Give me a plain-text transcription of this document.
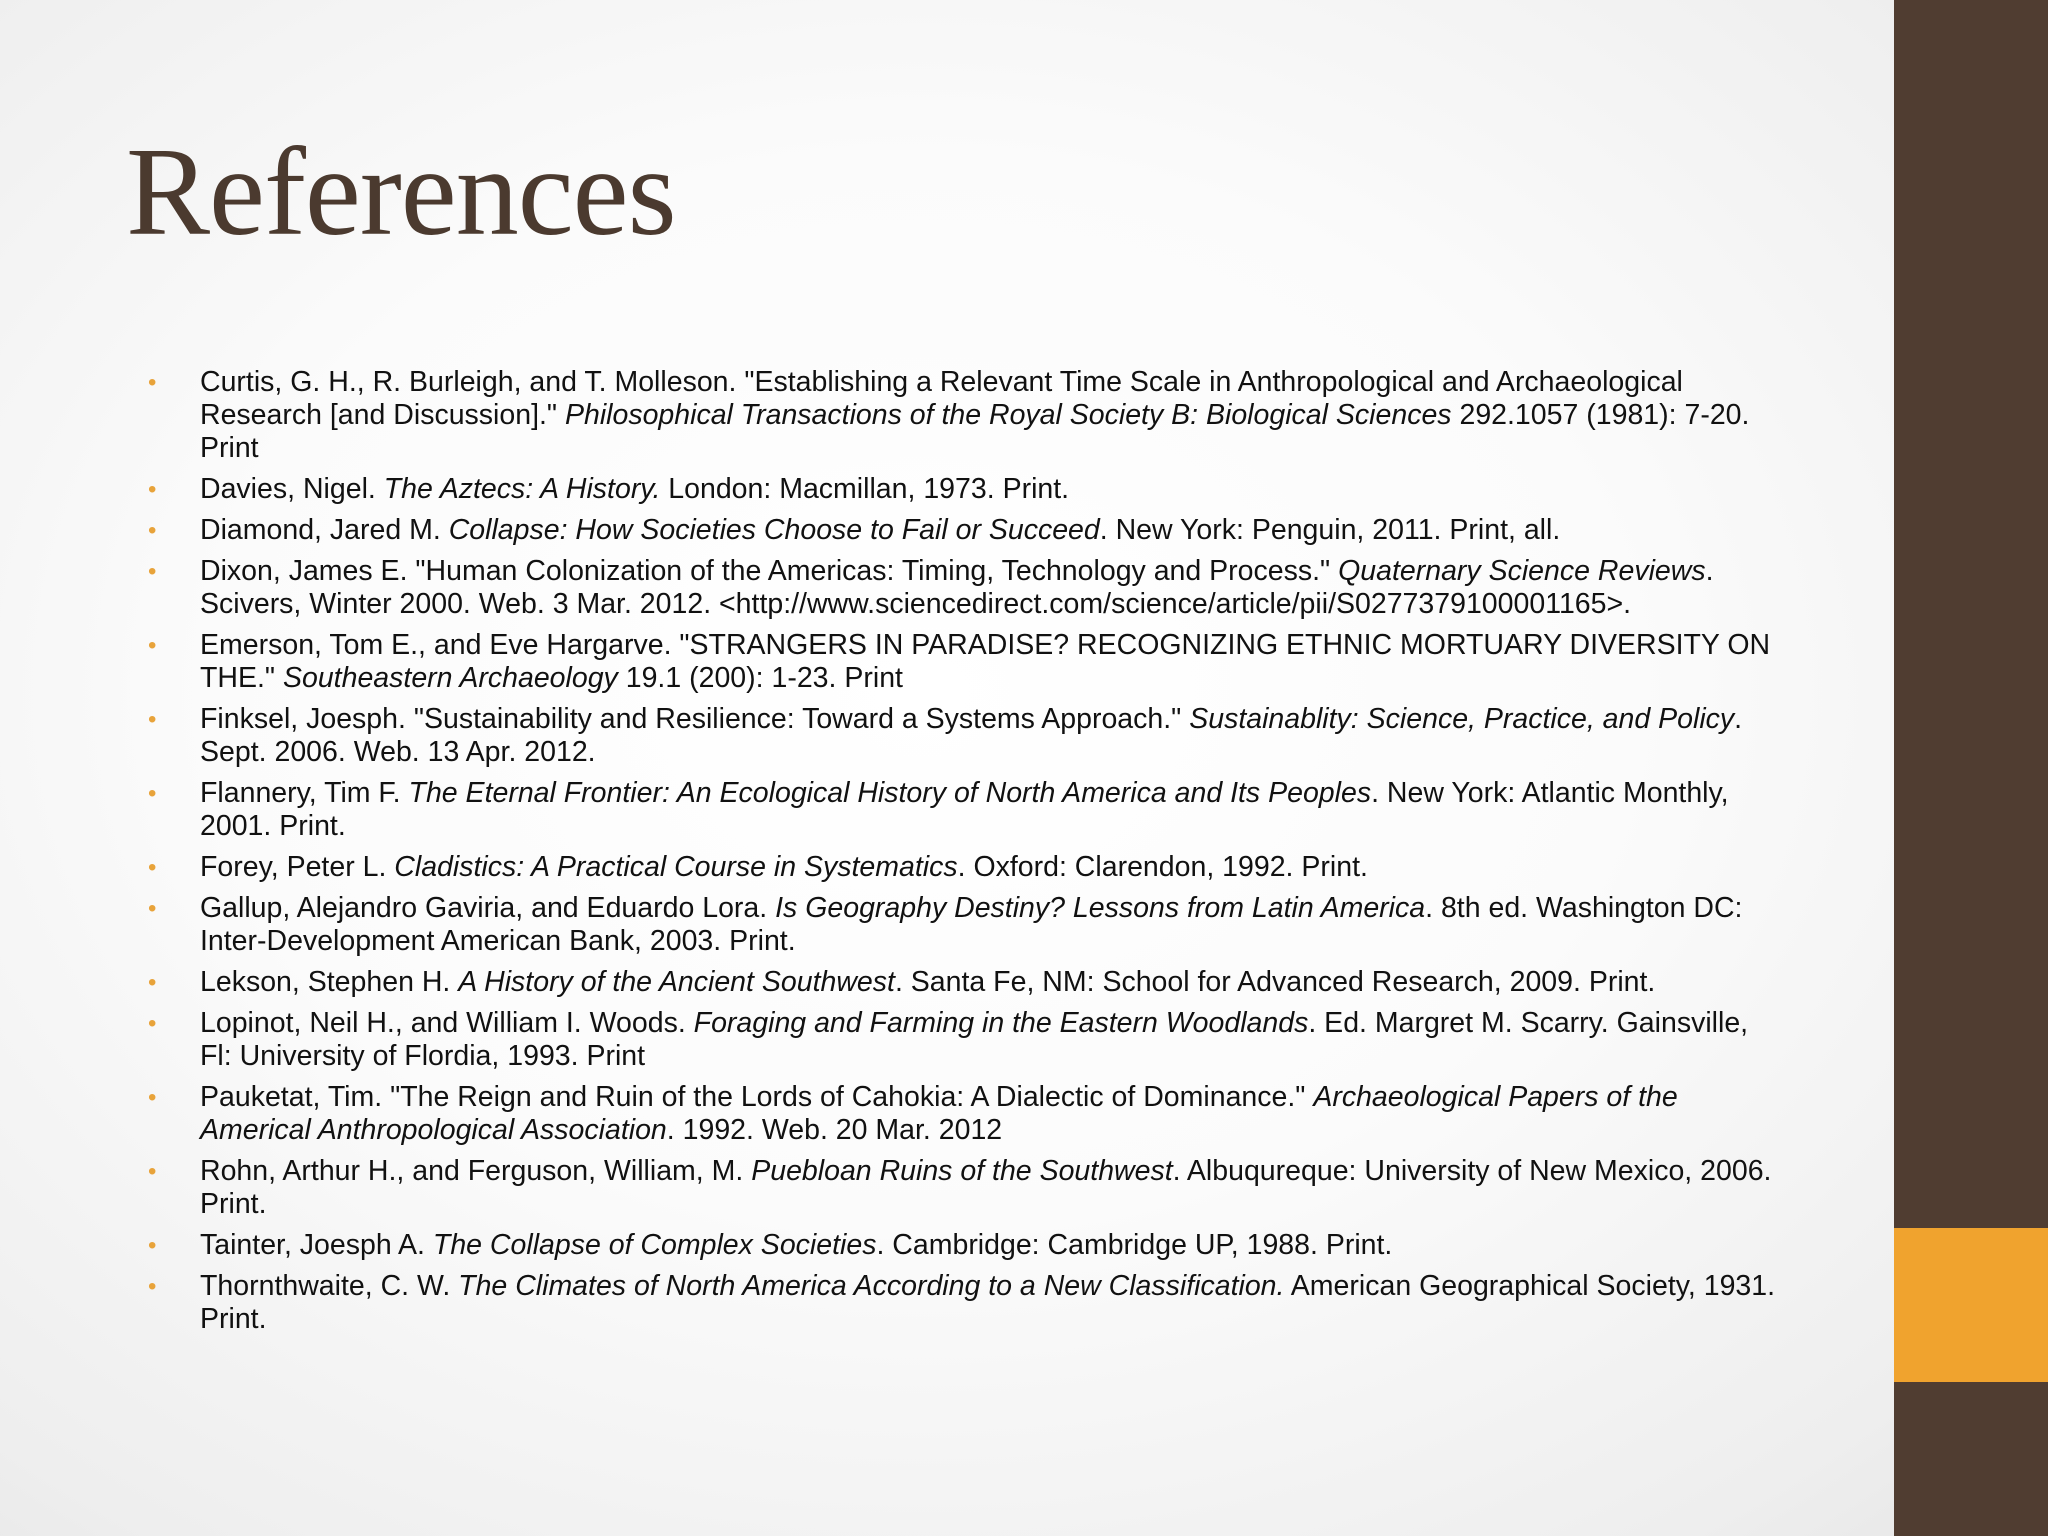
References
• Curtis, G. H., R. Burleigh, and T. Molleson. "Establishing a Relevant Time Scale in Anthropological and Archaeological Research [and Discussion]." Philosophical Transactions of the Royal Society B: Biological Sciences 292.1057 (1981): 7-20. Print
• Davies, Nigel. The Aztecs: A History. London: Macmillan, 1973. Print.
• Diamond, Jared M. Collapse: How Societies Choose to Fail or Succeed. New York: Penguin, 2011. Print, all.
• Dixon, James E. "Human Colonization of the Americas: Timing, Technology and Process." Quaternary Science Reviews. Scivers, Winter 2000. Web. 3 Mar. 2012. <http://www.sciencedirect.com/science/article/pii/S0277379100001165>.
• Emerson, Tom E., and Eve Hargarve. "STRANGERS IN PARADISE? RECOGNIZING ETHNIC MORTUARY DIVERSITY ON THE." Southeastern Archaeology 19.1 (200): 1-23. Print
• Finksel, Joesph. "Sustainability and Resilience: Toward a Systems Approach." Sustainablity: Science, Practice, and Policy. Sept. 2006. Web. 13 Apr. 2012.
• Flannery, Tim F. The Eternal Frontier: An Ecological History of North America and Its Peoples. New York: Atlantic Monthly, 2001. Print.
• Forey, Peter L. Cladistics: A Practical Course in Systematics. Oxford: Clarendon, 1992. Print.
• Gallup, Alejandro Gaviria, and Eduardo Lora. Is Geography Destiny? Lessons from Latin America. 8th ed. Washington DC: Inter-Development American Bank, 2003. Print.
• Lekson, Stephen H. A History of the Ancient Southwest. Santa Fe, NM: School for Advanced Research, 2009. Print.
• Lopinot, Neil H., and William I. Woods. Foraging and Farming in the Eastern Woodlands. Ed. Margret M. Scarry. Gainsville, Fl: University of Flordia, 1993. Print
• Pauketat, Tim. "The Reign and Ruin of the Lords of Cahokia: A Dialectic of Dominance." Archaeological Papers of the Americal Anthropological Association. 1992. Web. 20 Mar. 2012
• Rohn, Arthur H., and Ferguson, William, M. Puebloan Ruins of the Southwest. Albuqureque: University of New Mexico, 2006. Print.
• Tainter, Joesph A. The Collapse of Complex Societies. Cambridge: Cambridge UP, 1988. Print.
• Thornthwaite, C. W. The Climates of North America According to a New Classification. American Geographical Society, 1931. Print.
